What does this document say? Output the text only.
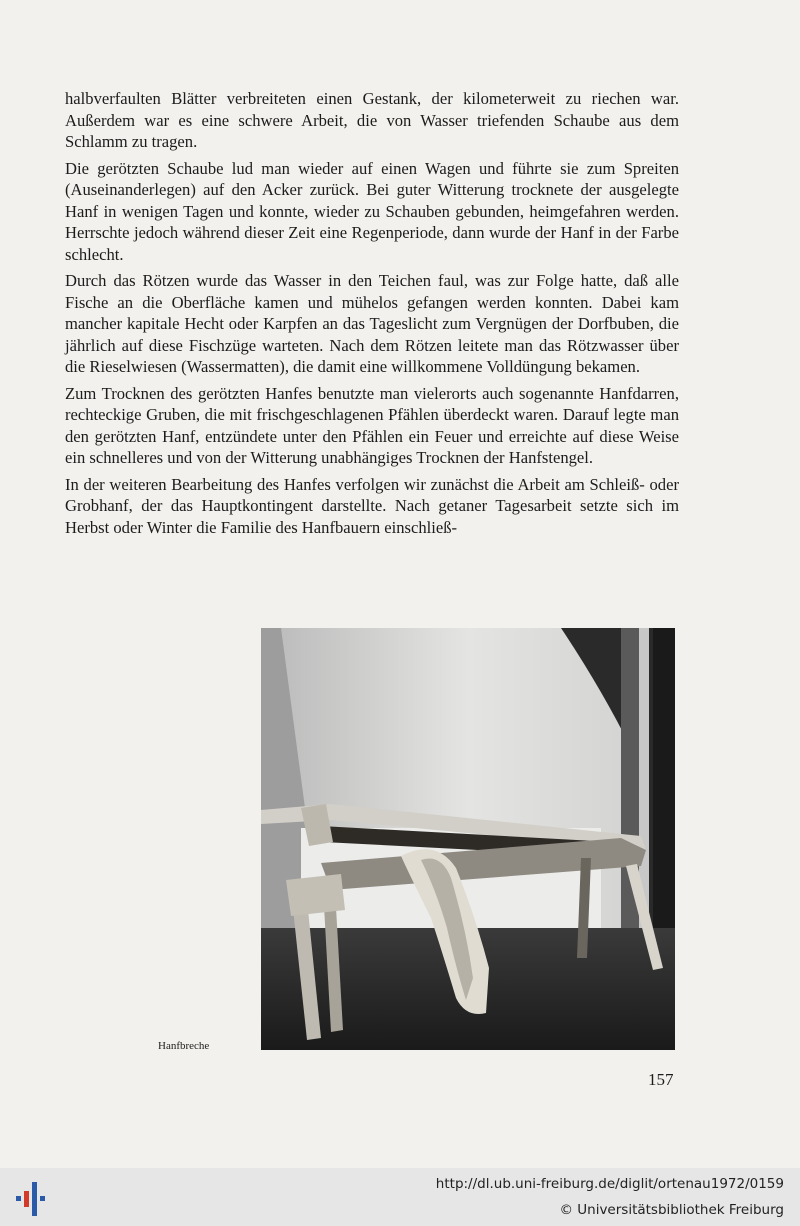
halbverfaulten Blätter verbreiteten einen Gestank, der kilometerweit zu riechen war. Außerdem war es eine schwere Arbeit, die von Wasser triefenden Schaube aus dem Schlamm zu tragen.

Die gerötzten Schaube lud man wieder auf einen Wagen und führte sie zum Spreiten (Auseinanderlegen) auf den Acker zurück. Bei guter Witterung trocknete der ausgelegte Hanf in wenigen Tagen und konnte, wieder zu Schauben gebunden, heimgefahren werden. Herrschte jedoch während dieser Zeit eine Regenperiode, dann wurde der Hanf in der Farbe schlecht.

Durch das Rötzen wurde das Wasser in den Teichen faul, was zur Folge hatte, daß alle Fische an die Oberfläche kamen und mühelos gefangen werden konnten. Dabei kam mancher kapitale Hecht oder Karpfen an das Tageslicht zum Vergnügen der Dorfbuben, die jährlich auf diese Fischzüge warteten. Nach dem Rötzen leitete man das Rötzwasser über die Rieselwiesen (Wassermatten), die damit eine willkommene Volldüngung bekamen.

Zum Trocknen des gerötzten Hanfes benutzte man vielerorts auch sogenannte Hanfdarren, rechteckige Gruben, die mit frischgeschlagenen Pfählen überdeckt waren. Darauf legte man den gerötzten Hanf, entzündete unter den Pfählen ein Feuer und erreichte auf diese Weise ein schnelleres und von der Witterung unabhängiges Trocknen der Hanfstengel.

In der weiteren Bearbeitung des Hanfes verfolgen wir zunächst die Arbeit am Schleiß- oder Grobhanf, der das Hauptkontingent darstellte. Nach getaner Tagesarbeit setzte sich im Herbst oder Winter die Familie des Hanfbauern einschließ-

Hanfbreche
157
http://dl.ub.uni-freiburg.de/diglit/ortenau1972/0159
© Universitätsbibliothek Freiburg
